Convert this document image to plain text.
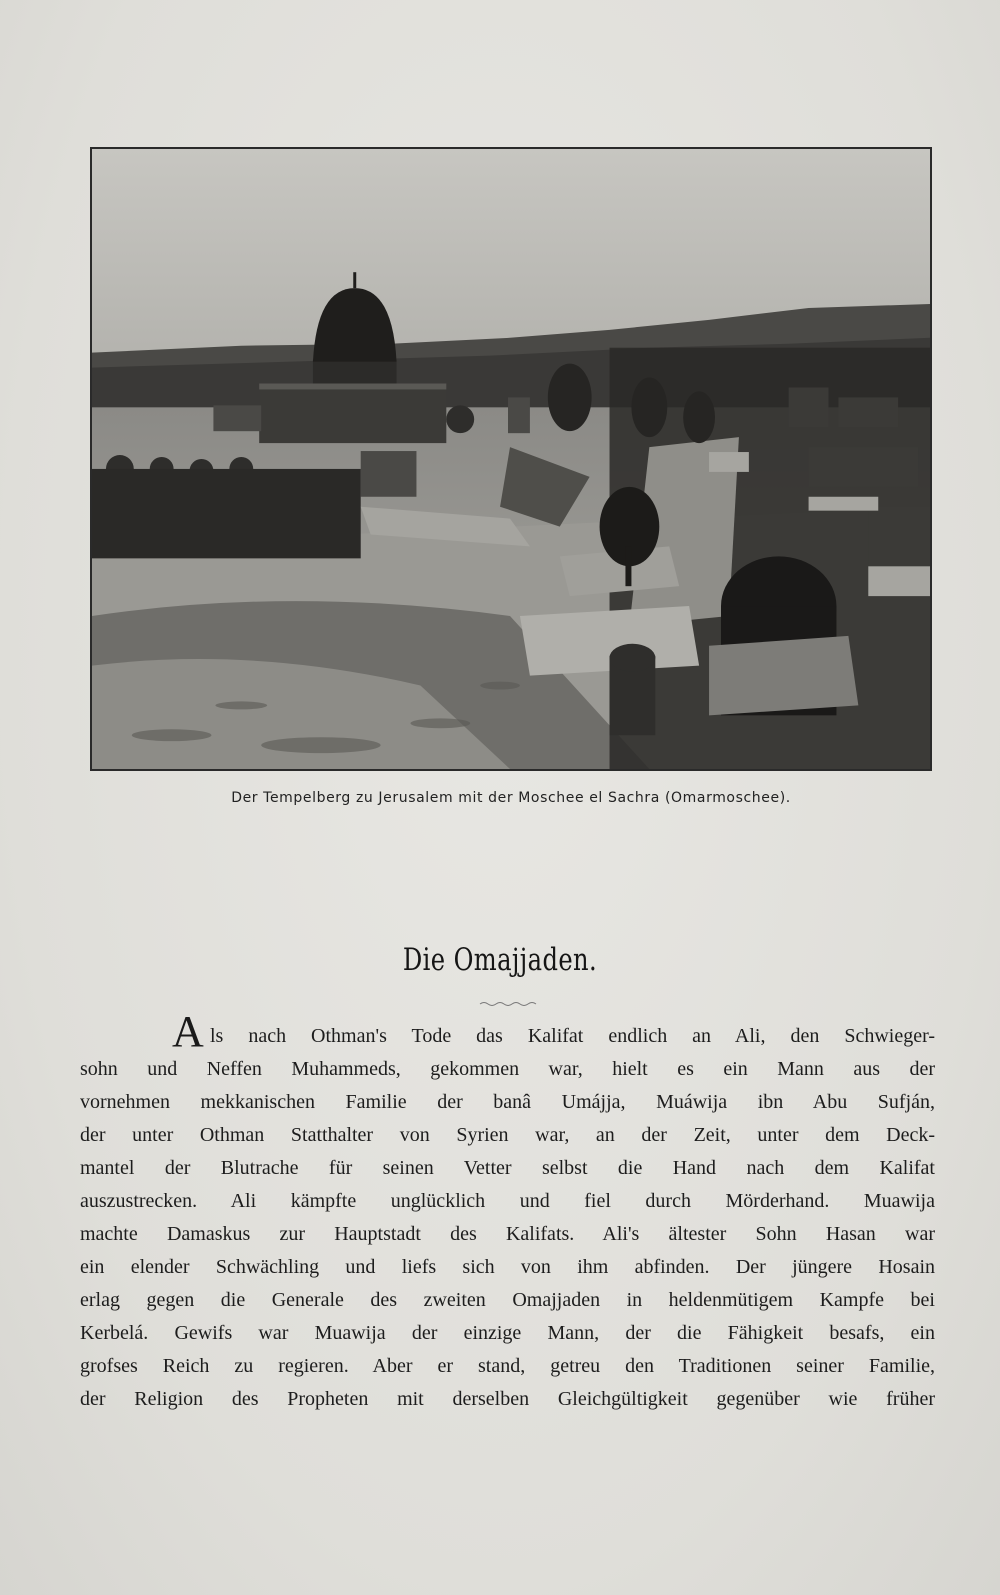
Der Tempelberg zu Jerusalem mit der Moschee el Sachra (Omarmoschee).
Die Omajjaden.
A ls nach Othman's Tode das Kalifat endlich an Ali, den Schwieger-
sohn und Neffen Muhammeds, gekommen war, hielt es ein Mann aus der
vornehmen mekkanischen Familie der banâ Umájja, Muáwija ibn Abu Sufján,
der unter Othman Statthalter von Syrien war, an der Zeit, unter dem Deck-
mantel der Blutrache für seinen Vetter selbst die Hand nach dem Kalifat
auszustrecken. Ali kämpfte unglücklich und fiel durch Mörderhand. Muawija
machte Damaskus zur Hauptstadt des Kalifats. Ali's ältester Sohn Hasan war
ein elender Schwächling und liefs sich von ihm abfinden. Der jüngere Hosain
erlag gegen die Generale des zweiten Omajjaden in heldenmütigem Kampfe bei
Kerbelá. Gewifs war Muawija der einzige Mann, der die Fähigkeit besafs, ein
grofses Reich zu regieren. Aber er stand, getreu den Traditionen seiner Familie,
der Religion des Propheten mit derselben Gleichgültigkeit gegenüber wie früher
